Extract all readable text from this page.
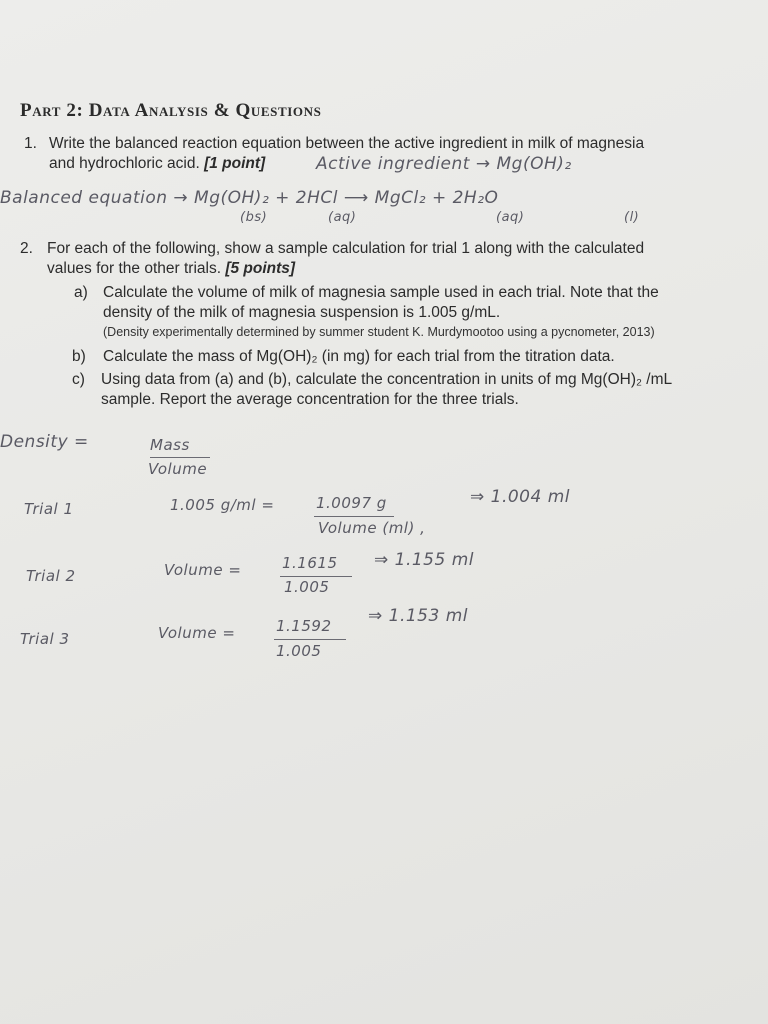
Part 2: Data Analysis & Questions
1. Write the balanced reaction equation between the active ingredient in milk of magnesia
and hydrochloric acid. [1 point]	Active ingredient → Mg(OH)₂
Balanced equation → Mg(OH)₂ + 2HCl ⟶ MgCl₂ + 2H₂O
(bs)	(aq)	(aq)	(l)
2. For each of the following, show a sample calculation for trial 1 along with the calculated
values for the other trials. [5 points]
a) Calculate the volume of milk of magnesia sample used in each trial. Note that the
density of the milk of magnesia suspension is 1.005 g/mL.
(Density experimentally determined by summer student K. Murdymootoo using a pycnometer, 2013)
b) Calculate the mass of Mg(OH)₂ (in mg) for each trial from the titration data.
c) Using data from (a) and (b), calculate the concentration in units of mg Mg(OH)₂ /mL
sample. Report the average concentration for the three trials.
Density =	Mass
Volume
Trial 1	1.005 g/ml =	1.0097 g
Volume (ml) ,
⇒ 1.004 ml
Trial 2	Volume =	1.1615
1.005
⇒ 1.155 ml
Trial 3	Volume =	1.1592
1.005
⇒ 1.153 ml
